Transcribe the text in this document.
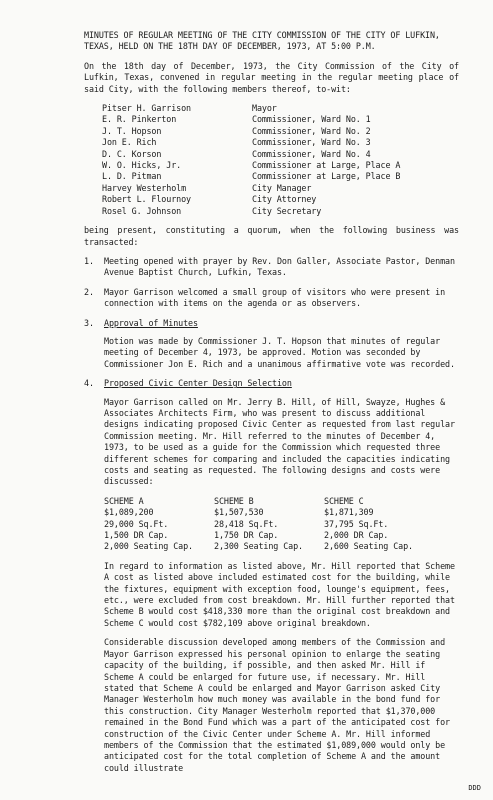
MINUTES OF REGULAR MEETING OF THE CITY COMMISSION OF THE CITY OF LUFKIN, TEXAS, HELD ON THE 18TH DAY OF DECEMBER, 1973, AT 5:00 P.M.
On the 18th day of December, 1973, the City Commission of the City of Lufkin, Texas, convened in regular meeting in the regular meeting place of said City, with the following members thereof, to-wit:
Pitser H. Garrison	Mayor
E. R. Pinkerton	Commissioner, Ward No. 1
J. T. Hopson	Commissioner, Ward No. 2
Jon E. Rich	Commissioner, Ward No. 3
D. C. Korson	Commissioner, Ward No. 4
W. O. Hicks, Jr.	Commissioner at Large, Place A
L. D. Pitman	Commissioner at Large, Place B
Harvey Westerholm	City Manager
Robert L. Flournoy	City Attorney
Rosel G. Johnson	City Secretary
being present, constituting a quorum, when the following business was transacted:
1.	Meeting opened with prayer by Rev. Don Galler, Associate Pastor, Denman Avenue Baptist Church, Lufkin, Texas.
2.	Mayor Garrison welcomed a small group of visitors who were present in connection with items on the agenda or as observers.
3.	Approval of Minutes
Motion was made by Commissioner J. T. Hopson that minutes of regular meeting of December 4, 1973, be approved. Motion was seconded by Commissioner Jon E. Rich and a unanimous affirmative vote was recorded.
4.	Proposed Civic Center Design Selection
Mayor Garrison called on Mr. Jerry B. Hill, of Hill, Swayze, Hughes & Associates Architects Firm, who was present to discuss additional designs indicating proposed Civic Center as requested from last regular Commission meeting. Mr. Hill referred to the minutes of December 4, 1973, to be used as a guide for the Commission which requested three different schemes for comparing and included the capacities indicating costs and seating as requested. The following designs and costs were discussed:
SCHEME A	SCHEME B	SCHEME C
$1,089,200	$1,507,530	$1,871,309
29,000 Sq.Ft.	28,418 Sq.Ft.	37,795 Sq.Ft.
1,500 DR Cap.	1,750 DR Cap.	2,000 DR Cap.
2,000 Seating Cap.	2,300 Seating Cap.	2,600 Seating Cap.
In regard to information as listed above, Mr. Hill reported that Scheme A cost as listed above included estimated cost for the building, while the fixtures, equipment with exception food, lounge's equipment, fees, etc., were excluded from cost breakdown. Mr. Hill further reported that Scheme B would cost $418,330 more than the original cost breakdown and Scheme C would cost $782,109 above original breakdown.
Considerable discussion developed among members of the Commission and Mayor Garrison expressed his personal opinion to enlarge the seating capacity of the building, if possible, and then asked Mr. Hill if Scheme A could be enlarged for future use, if necessary. Mr. Hill stated that Scheme A could be enlarged and Mayor Garrison asked City Manager Westerholm how much money was available in the bond fund for this construction. City Manager Westerholm reported that $1,370,000 remained in the Bond Fund which was a part of the anticipated cost for construction of the Civic Center under Scheme A. Mr. Hill informed members of the Commission that the estimated $1,089,000 would only be anticipated cost for the total completion of Scheme A and the amount could illustrate
DDD
